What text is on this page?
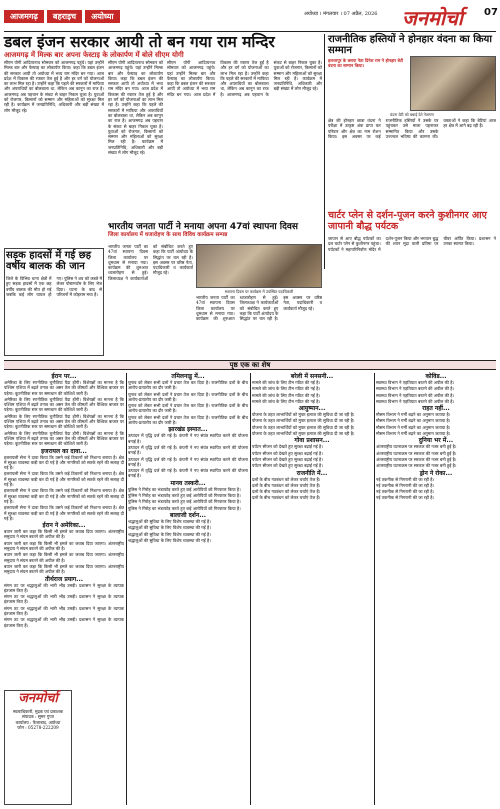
आजमगढ़	बहराइच	अयोध्या	अयोध्या । मंगलवार । 07 अप्रैल, 2026	जनमोर्चा 07
डबल इंजन सरकार आयी तो बन गया राम मन्दिर
आजमगढ़ में मिल्क बार अपना फेस्टाइ के लोकार्पण में बोले सीएम योगी
सीएम योगी आदित्यनाथ सोमवार को आजमगढ़ पहुंचे। यहां उन्होंने मिल्क बार और फेस्टाइ का लोकार्पण किया। कहा कि डबल इंजन की सरकार आयी तो अयोध्या में भव्य राम मंदिर बन गया। आज प्रदेश में विकास की रफ्तार तेज हुई है और हर वर्ग को योजनाओं का लाभ मिल रहा है। उन्होंने कहा कि पहले की सरकारों में माफिया और अपराधियों का बोलबाला था, लेकिन अब कानून का राज है। आजमगढ़ अब पहचान के संकट से बाहर निकल चुका है। युवाओं को रोजगार, किसानों को सम्मान और महिलाओं को सुरक्षा मिल रही है। कार्यक्रम में जनप्रतिनिधि, अधिकारी और बड़ी संख्या में लोग मौजूद रहे।
सीएम योगी आदित्यनाथ सोमवार को आजमगढ़ पहुंचे। यहां उन्होंने मिल्क बार और फेस्टाइ का लोकार्पण किया। कहा कि डबल इंजन की सरकार आयी तो अयोध्या में भव्य राम मंदिर बन गया। आज प्रदेश में विकास की रफ्तार तेज हुई है और हर वर्ग को योजनाओं का लाभ मिल रहा है। उन्होंने कहा कि पहले की सरकारों में माफिया और अपराधियों का बोलबाला था, लेकिन अब कानून का राज है। आजमगढ़ अब पहचान के संकट से बाहर निकल चुका है। युवाओं को रोजगार, किसानों को सम्मान और महिलाओं को सुरक्षा मिल रही है। कार्यक्रम में जनप्रतिनिधि, अधिकारी और बड़ी संख्या में लोग मौजूद रहे।
सीएम योगी आदित्यनाथ सोमवार को आजमगढ़ पहुंचे। यहां उन्होंने मिल्क बार और फेस्टाइ का लोकार्पण किया। कहा कि डबल इंजन की सरकार आयी तो अयोध्या में भव्य राम मंदिर बन गया। आज प्रदेश में विकास की रफ्तार तेज हुई है और हर वर्ग को योजनाओं का लाभ मिल रहा है। उन्होंने कहा कि पहले की सरकारों में माफिया और अपराधियों का बोलबाला था, लेकिन अब कानून का राज है। आजमगढ़ अब पहचान के संकट से बाहर निकल चुका है। युवाओं को रोजगार, किसानों को सम्मान और महिलाओं को सुरक्षा मिल रही है। कार्यक्रम में जनप्रतिनिधि, अधिकारी और बड़ी संख्या में लोग मौजूद रहे।
राजनीतिक हस्तियों ने होनहार वंदना का किया सम्मान
हलधरपुर के बसपा नेता दिनेश राम ने होनहार बेटी वंदना का सम्मान किया।
वंदना बेटी को बधाई देते नेतागण
क्षेत्र की होनहार छात्रा वंदना ने परीक्षा में उत्कृष्ट अंक प्राप्त कर परिवार और क्षेत्र का नाम रोशन किया। इस अवसर पर कई राजनीतिक हस्तियों ने उसके घर पहुंचकर उसे माला पहनाकर सम्मानित किया और उसके उज्ज्वल भविष्य की कामना की। वक्ताओं ने कहा कि बेटियां आज हर क्षेत्र में आगे बढ़ रही हैं।
चार्टर प्लेन से दर्शन-पूजन करने कुशीनगर आए जापानी बौद्ध पर्यटक
जापान से आए बौद्ध पर्यटकों का दल चार्टर प्लेन से कुशीनगर पहुंचा। पर्यटकों ने महापरिनिर्वाण मंदिर में दर्शन-पूजन किया और भगवान बुद्ध की शयन मुद्रा वाली प्रतिमा पर चीवर अर्पित किया। प्रशासन ने उनका स्वागत किया।
सड़क हादसों में गई छह वर्षीय बालक की जान
जिले के विभिन्न थाना क्षेत्रों में हुए सड़क हादसों में एक छह वर्षीय बालक की मौत हो गई जबकि कई लोग घायल हो गए। पुलिस ने शव को कब्जे में लेकर पोस्टमार्टम के लिए भेज दिया। घटना के बाद से परिजनों में कोहराम मचा है।
भारतीय जनता पार्टी ने मनाया अपना 47वां स्थापना दिवस
जिला कार्यालय में धजारोहण के साथ विविध कार्यक्रम सम्पन्न
भारतीय जनता पार्टी का 47वां स्थापना दिवस जिला कार्यालय पर धूमधाम से मनाया गया। कार्यक्रम की शुरुआत ध्वजारोहण से हुई। जिलाध्यक्ष ने कार्यकर्ताओं को संबोधित करते हुए कहा कि पार्टी अंत्योदय के सिद्धांत पर चल रही है। इस अवसर पर वरिष्ठ नेता, पदाधिकारी व कार्यकर्ता मौजूद रहे।
स्थापना दिवस पर कार्यक्रम में उपस्थित पदाधिकारी
भारतीय जनता पार्टी का 47वां स्थापना दिवस जिला कार्यालय पर धूमधाम से मनाया गया। कार्यक्रम की शुरुआत ध्वजारोहण से हुई। जिलाध्यक्ष ने कार्यकर्ताओं को संबोधित करते हुए कहा कि पार्टी अंत्योदय के सिद्धांत पर चल रही है। इस अवसर पर वरिष्ठ नेता, पदाधिकारी व कार्यकर्ता मौजूद रहे।
पृष्ठ एक का शेष
ईरान पर...

अमेरिका के लिए रणनीतिक चुनौतियां पैदा होंगी। विशेषज्ञों का मानना है कि पश्चिम एशिया में बढ़ते तनाव का असर तेल की कीमतों और वैश्विक बाजार पर पड़ेगा। कूटनीतिक स्तर पर समाधान की कोशिशें जारी हैं।

अमेरिका के लिए रणनीतिक चुनौतियां पैदा होंगी। विशेषज्ञों का मानना है कि पश्चिम एशिया में बढ़ते तनाव का असर तेल की कीमतों और वैश्विक बाजार पर पड़ेगा। कूटनीतिक स्तर पर समाधान की कोशिशें जारी हैं।

अमेरिका के लिए रणनीतिक चुनौतियां पैदा होंगी। विशेषज्ञों का मानना है कि पश्चिम एशिया में बढ़ते तनाव का असर तेल की कीमतों और वैश्विक बाजार पर पड़ेगा। कूटनीतिक स्तर पर समाधान की कोशिशें जारी हैं।

अमेरिका के लिए रणनीतिक चुनौतियां पैदा होंगी। विशेषज्ञों का मानना है कि पश्चिम एशिया में बढ़ते तनाव का असर तेल की कीमतों और वैश्विक बाजार पर पड़ेगा। कूटनीतिक स्तर पर समाधान की कोशिशें जारी हैं।

इजरायल का दावा...

इजरायली सेना ने दावा किया कि उसने कई ठिकानों को निशाना बनाया है। क्षेत्र में सुरक्षा व्यवस्था कड़ी कर दी गई है और नागरिकों को सतर्क रहने की सलाह दी गई है।

इजरायली सेना ने दावा किया कि उसने कई ठिकानों को निशाना बनाया है। क्षेत्र में सुरक्षा व्यवस्था कड़ी कर दी गई है और नागरिकों को सतर्क रहने की सलाह दी गई है।

इजरायली सेना ने दावा किया कि उसने कई ठिकानों को निशाना बनाया है। क्षेत्र में सुरक्षा व्यवस्था कड़ी कर दी गई है और नागरिकों को सतर्क रहने की सलाह दी गई है।

इजरायली सेना ने दावा किया कि उसने कई ठिकानों को निशाना बनाया है। क्षेत्र में सुरक्षा व्यवस्था कड़ी कर दी गई है और नागरिकों को सतर्क रहने की सलाह दी गई है।

ईरान ने अमेरिका...

बयान जारी कर कहा कि किसी भी हमले का जवाब दिया जाएगा। अंतरराष्ट्रीय समुदाय ने संयम बरतने की अपील की है।

बयान जारी कर कहा कि किसी भी हमले का जवाब दिया जाएगा। अंतरराष्ट्रीय समुदाय ने संयम बरतने की अपील की है।

बयान जारी कर कहा कि किसी भी हमले का जवाब दिया जाएगा। अंतरराष्ट्रीय समुदाय ने संयम बरतने की अपील की है।

बयान जारी कर कहा कि किसी भी हमले का जवाब दिया जाएगा। अंतरराष्ट्रीय समुदाय ने संयम बरतने की अपील की है।

तीर्थराज प्रयाग...

संगम तट पर श्रद्धालुओं की भारी भीड़ उमड़ी। प्रशासन ने सुरक्षा के व्यापक इंतजाम किए हैं।

संगम तट पर श्रद्धालुओं की भारी भीड़ उमड़ी। प्रशासन ने सुरक्षा के व्यापक इंतजाम किए हैं।

संगम तट पर श्रद्धालुओं की भारी भीड़ उमड़ी। प्रशासन ने सुरक्षा के व्यापक इंतजाम किए हैं।

संगम तट पर श्रद्धालुओं की भारी भीड़ उमड़ी। प्रशासन ने सुरक्षा के व्यापक इंतजाम किए हैं।

तमिलनाडु में...

चुनाव को लेकर सभी दलों ने प्रचार तेज कर दिया है। राजनीतिक दलों के बीच आरोप-प्रत्यारोप का दौर जारी है।

चुनाव को लेकर सभी दलों ने प्रचार तेज कर दिया है। राजनीतिक दलों के बीच आरोप-प्रत्यारोप का दौर जारी है।

चुनाव को लेकर सभी दलों ने प्रचार तेज कर दिया है। राजनीतिक दलों के बीच आरोप-प्रत्यारोप का दौर जारी है।

चुनाव को लेकर सभी दलों ने प्रचार तेज कर दिया है। राजनीतिक दलों के बीच आरोप-प्रत्यारोप का दौर जारी है।

झारखंड इस्पात...

उत्पादन में वृद्धि दर्ज की गई है। कंपनी ने नए संयंत्र स्थापित करने की योजना बनाई है।

उत्पादन में वृद्धि दर्ज की गई है। कंपनी ने नए संयंत्र स्थापित करने की योजना बनाई है।

उत्पादन में वृद्धि दर्ज की गई है। कंपनी ने नए संयंत्र स्थापित करने की योजना बनाई है।

उत्पादन में वृद्धि दर्ज की गई है। कंपनी ने नए संयंत्र स्थापित करने की योजना बनाई है।

मानव तस्करी...

पुलिस ने गिरोह का भंडाफोड़ करते हुए कई आरोपियों को गिरफ्तार किया है।

पुलिस ने गिरोह का भंडाफोड़ करते हुए कई आरोपियों को गिरफ्तार किया है।

पुलिस ने गिरोह का भंडाफोड़ करते हुए कई आरोपियों को गिरफ्तार किया है।

पुलिस ने गिरोह का भंडाफोड़ करते हुए कई आरोपियों को गिरफ्तार किया है।

बालाजी दर्शन...

श्रद्धालुओं की सुविधा के लिए विशेष व्यवस्था की गई है।

श्रद्धालुओं की सुविधा के लिए विशेष व्यवस्था की गई है।

श्रद्धालुओं की सुविधा के लिए विशेष व्यवस्था की गई है।

श्रद्धालुओं की सुविधा के लिए विशेष व्यवस्था की गई है।

बरेली में सनसनी...

मामले की जांच के लिए टीम गठित की गई है।

मामले की जांच के लिए टीम गठित की गई है।

मामले की जांच के लिए टीम गठित की गई है।

मामले की जांच के लिए टीम गठित की गई है।

आयुष्मान...

योजना के तहत लाभार्थियों को मुफ्त इलाज की सुविधा दी जा रही है।

योजना के तहत लाभार्थियों को मुफ्त इलाज की सुविधा दी जा रही है।

योजना के तहत लाभार्थियों को मुफ्त इलाज की सुविधा दी जा रही है।

योजना के तहत लाभार्थियों को मुफ्त इलाज की सुविधा दी जा रही है।

गोवा प्रशासन...

पर्यटन सीजन को देखते हुए सुरक्षा बढ़ाई गई है।

पर्यटन सीजन को देखते हुए सुरक्षा बढ़ाई गई है।

पर्यटन सीजन को देखते हुए सुरक्षा बढ़ाई गई है।

पर्यटन सीजन को देखते हुए सुरक्षा बढ़ाई गई है।

राजनीति में...

दलों के बीच गठबंधन को लेकर चर्चाएं तेज हैं।

दलों के बीच गठबंधन को लेकर चर्चाएं तेज हैं।

दलों के बीच गठबंधन को लेकर चर्चाएं तेज हैं।

दलों के बीच गठबंधन को लेकर चर्चाएं तेज हैं।

कोविड...

स्वास्थ्य विभाग ने एहतियात बरतने की अपील की है।

स्वास्थ्य विभाग ने एहतियात बरतने की अपील की है।

स्वास्थ्य विभाग ने एहतियात बरतने की अपील की है।

स्वास्थ्य विभाग ने एहतियात बरतने की अपील की है।

राहत नहीं...

मौसम विभाग ने गर्मी बढ़ने का अनुमान जताया है।

मौसम विभाग ने गर्मी बढ़ने का अनुमान जताया है।

मौसम विभाग ने गर्मी बढ़ने का अनुमान जताया है।

मौसम विभाग ने गर्मी बढ़ने का अनुमान जताया है।

दुनिया भर में...

अंतरराष्ट्रीय घटनाक्रम पर सरकार की नजर बनी हुई है।

अंतरराष्ट्रीय घटनाक्रम पर सरकार की नजर बनी हुई है।

अंतरराष्ट्रीय घटनाक्रम पर सरकार की नजर बनी हुई है।

अंतरराष्ट्रीय घटनाक्रम पर सरकार की नजर बनी हुई है।

ड्रोन ने रोका...

नई तकनीक से निगरानी की जा रही है।

नई तकनीक से निगरानी की जा रही है।

नई तकनीक से निगरानी की जा रही है।

नई तकनीक से निगरानी की जा रही है।

जनमोर्चा
स्वत्वाधिकारी, मुद्रक एवं प्रकाशक
संपादक : सुमन गुप्ता
कार्यालय : फैजाबाद, अयोध्या
फोन : 05278-222209
